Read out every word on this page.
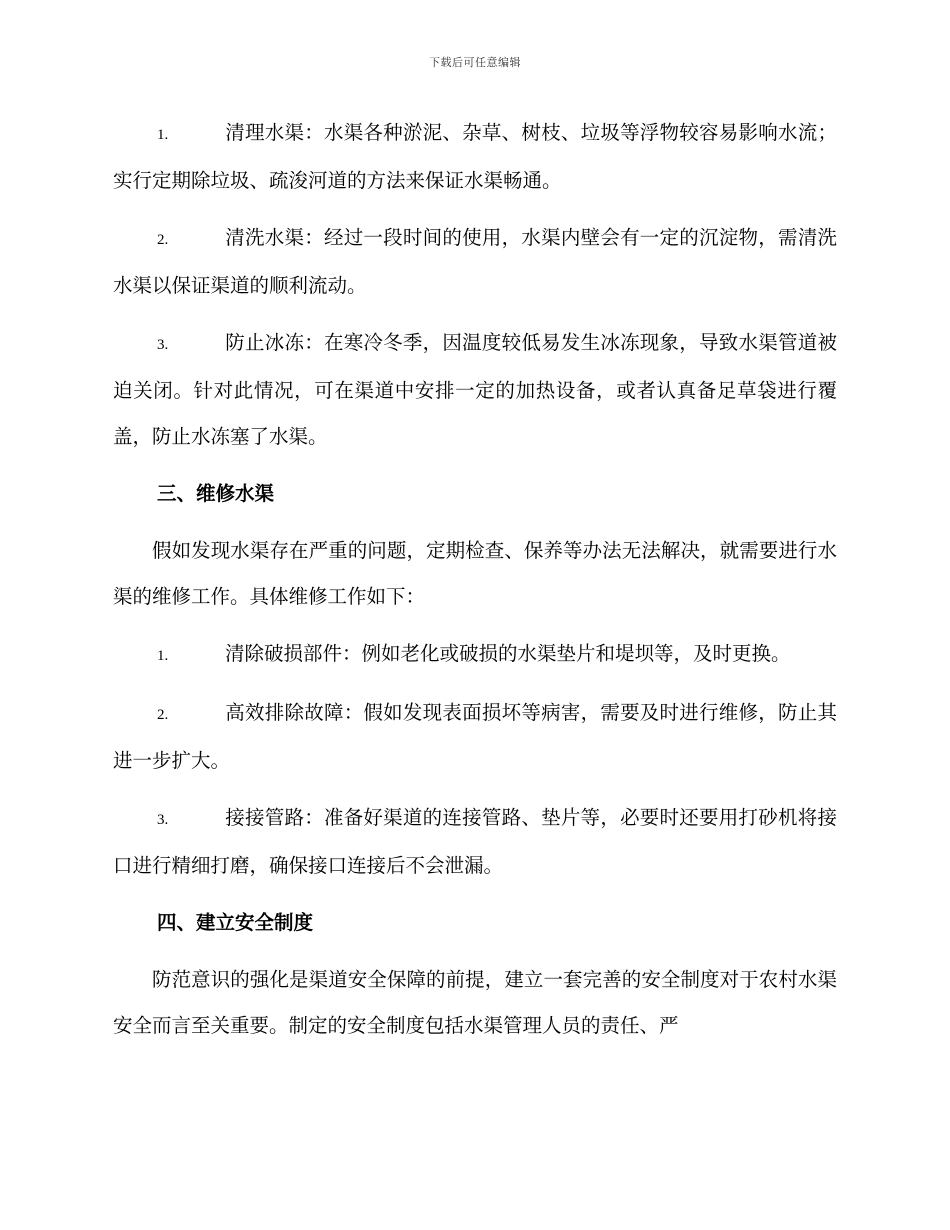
下载后可任意编辑

1.	清理水渠：水渠各种淤泥、杂草、树枝、垃圾等浮物较容易影响水流；实行定期除垃圾、疏浚河道的方法来保证水渠畅通。

2.	清洗水渠：经过一段时间的使用，水渠内壁会有一定的沉淀物，需清洗水渠以保证渠道的顺利流动。

3.	防止冰冻：在寒冷冬季，因温度较低易发生冰冻现象，导致水渠管道被迫关闭。针对此情况，可在渠道中安排一定的加热设备，或者认真备足草袋进行覆盖，防止水冻塞了水渠。

三、维修水渠

假如发现水渠存在严重的问题，定期检查、保养等办法无法解决，就需要进行水渠的维修工作。具体维修工作如下：

1.	清除破损部件：例如老化或破损的水渠垫片和堤坝等，及时更换。

2.	高效排除故障：假如发现表面损坏等病害，需要及时进行维修，防止其进一步扩大。

3.	接接管路：准备好渠道的连接管路、垫片等，必要时还要用打砂机将接口进行精细打磨，确保接口连接后不会泄漏。

四、建立安全制度

防范意识的强化是渠道安全保障的前提，建立一套完善的安全制度对于农村水渠安全而言至关重要。制定的安全制度包括水渠管理人员的责任、严
